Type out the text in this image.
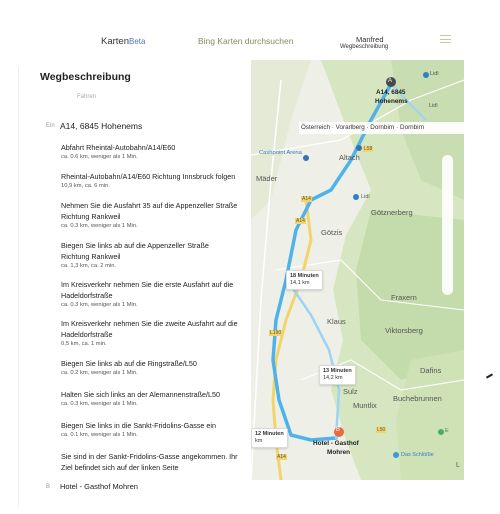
Karten Beta	Bing Karten durchsuchen	Manfred
Wegbeschreibung
Wegbeschreibung
Fahren
Ein A14, 6845 Hohenems
Abfahrt Rheintal-Autobahn/A14/E60
ca. 0.6 km, weniger als 1 Min.
Rheintal-Autobahn/A14/E60 Richtung Innsbruck folgen
10,9 km, ca. 6 min.
Nehmen Sie die Ausfahrt 35 auf die Appenzeller Straße Richtung Rankweil
ca. 0.3 km, weniger als 1 Min.
Biegen Sie links ab auf die Appenzeller Straße Richtung Rankweil
ca. 1,3 km, ca. 2 min.
Im Kreisverkehr nehmen Sie die erste Ausfahrt auf die Hadeldorfstraße
ca. 0.3 km, weniger als 1 Min.
Im Kreisverkehr nehmen Sie die zweite Ausfahrt auf die Hadeldorfstraße
0,5 km, ca. 1 min.
Biegen Sie links ab auf die Ringstraße/L50
ca. 0.2 km, weniger als 1 Min.
Halten Sie sich links an der Alemannenstraße/L50
ca. 0.3 km, weniger als 1 Min.
Biegen Sie links in die Sankt-Fridolins-Gasse ein
ca. 0.1 km, weniger als 1 Min.
Sie sind in der Sankt-Fridolins-Gasse angekommen. Ihr Ziel befindet sich auf der linken Seite
B Hotel - Gasthof Mohren
A
A14, 6845
Hohenems
Lidl
Österreich · Vorarlberg · Dornbirn · Dornbirn
Cashpoint Arena	Altach
Mäder
Lidl
Götznerberg
Götzis
Fraxern
Klaus
Viktorsberg
Dafins
Sulz
Muntlix
Buchebrunnen
Das Schlößle
E
L
Lidl
A14
A14
A14
L190
L58
L50
18 Minuten
14,1 km
13 Minuten
14,2 km
12 Minuten
km
B
Hotel - Gasthof
Mohren
